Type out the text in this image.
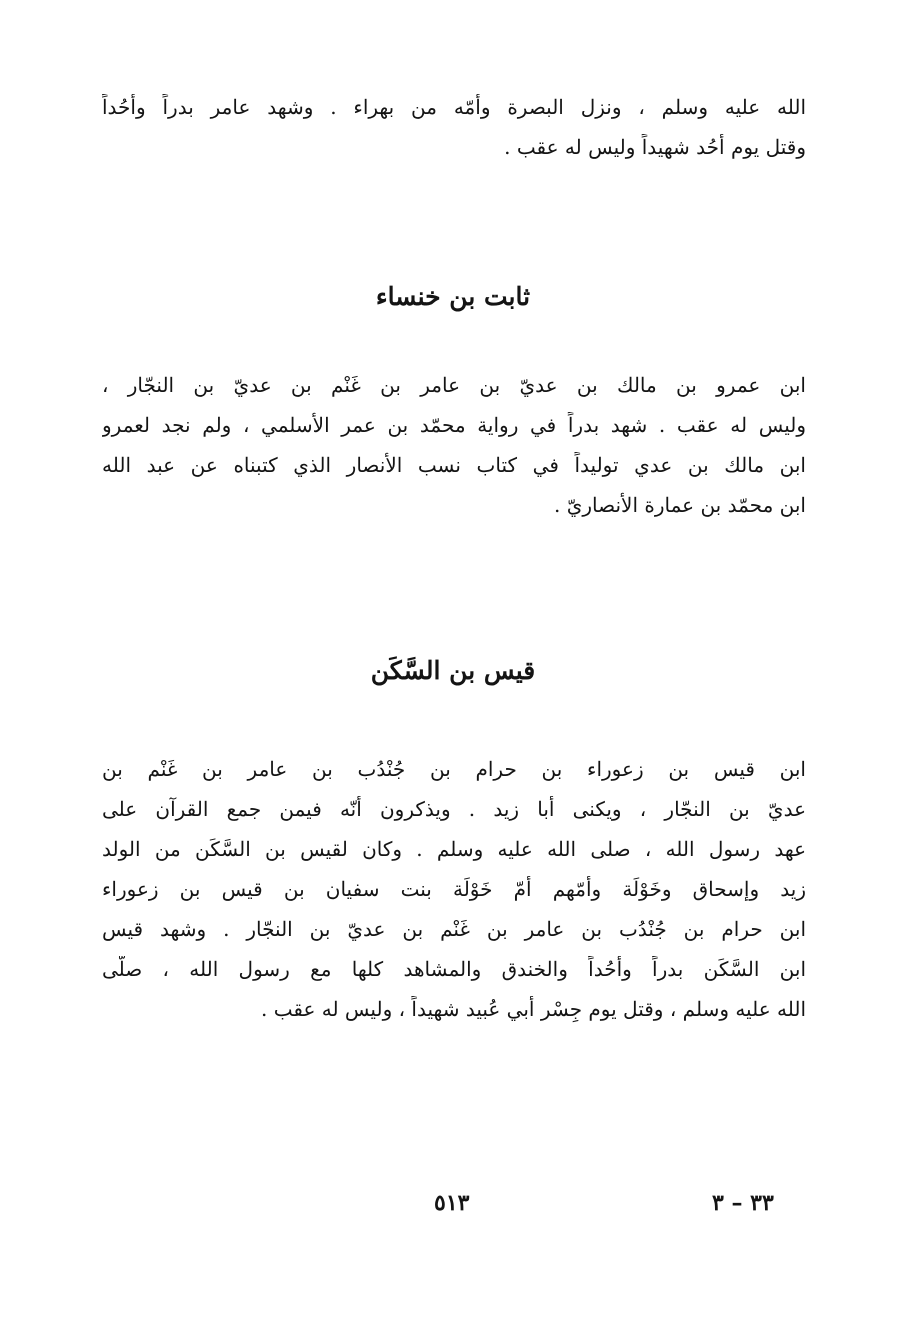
الله عليه وسلم ، ونزل البصرة وأمّه من بهراء . وشهد عامر بدراً وأُحُداً
وقتل يوم أُحُد شهيداً وليس له عقب .
ثابت بن خنساء
ابن عمرو بن مالك بن عديّ بن عامر بن غَنْم بن عديّ بن النجّار ،
وليس له عقب . شهد بدراً في رواية محمّد بن عمر الأسلمي ، ولم نجد لعمرو
ابن مالك بن عدي توليداً في كتاب نسب الأنصار الذي كتبناه عن عبد الله
ابن محمّد بن عمارة الأنصاريّ .
قيس بن السَّكَن
ابن قيس بن زعوراء بن حرام بن جُنْدُب بن عامر بن غَنْم بن
عديّ بن النجّار ، ويكنى أبا زيد . ويذكرون أنّه فيمن جمع القرآن على
عهد رسول الله ، صلى الله عليه وسلم . وكان لقيس بن السَّكَن من الولد
زيد وإسحاق وخَوْلَة وأمّهم أمّ خَوْلَة بنت سفيان بن قيس بن زعوراء
ابن حرام بن جُنْدُب بن عامر بن غَنْم بن عديّ بن النجّار . وشهد قيس
ابن السَّكَن بدراً وأُحُداً والخندق والمشاهد كلها مع رسول الله ، صلّى
الله عليه وسلم ، وقتل يوم جِسْر أبي عُبيد شهيداً ، وليس له عقب .
٥١٣	٣٣ – ٣
